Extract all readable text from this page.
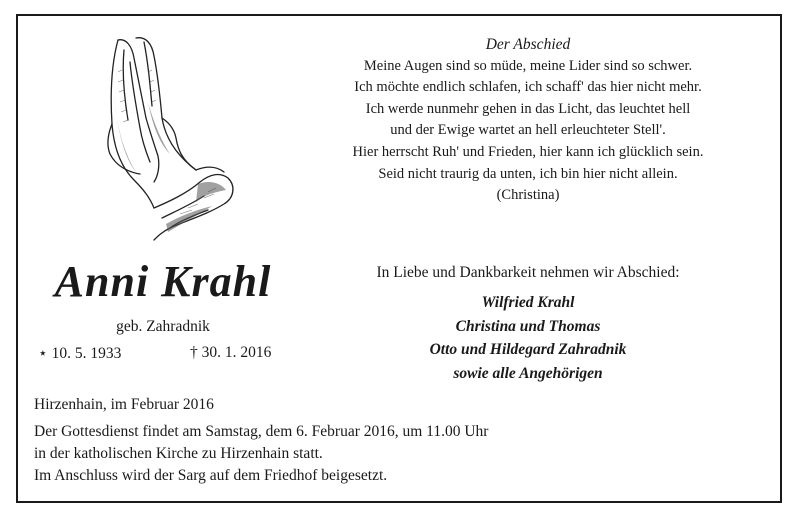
Der Abschied
Meine Augen sind so müde, meine Lider sind so schwer.
Ich möchte endlich schlafen, ich schaff' das hier nicht mehr.
Ich werde nunmehr gehen in das Licht, das leuchtet hell
und der Ewige wartet an hell erleuchteter Stell'.
Hier herrscht Ruh' und Frieden, hier kann ich glücklich sein.
Seid nicht traurig da unten, ich bin hier nicht allein.
(Christina)
Anni Krahl
geb. Zahradnik
⋆ 10. 5. 1933	† 30. 1. 2016
In Liebe und Dankbarkeit nehmen wir Abschied:
Wilfried Krahl
Christina und Thomas
Otto und Hildegard Zahradnik
sowie alle Angehörigen
Hirzenhain, im Februar 2016
Der Gottesdienst findet am Samstag, dem 6. Februar 2016, um 11.00 Uhr
in der katholischen Kirche zu Hirzenhain statt.
Im Anschluss wird der Sarg auf dem Friedhof beigesetzt.
